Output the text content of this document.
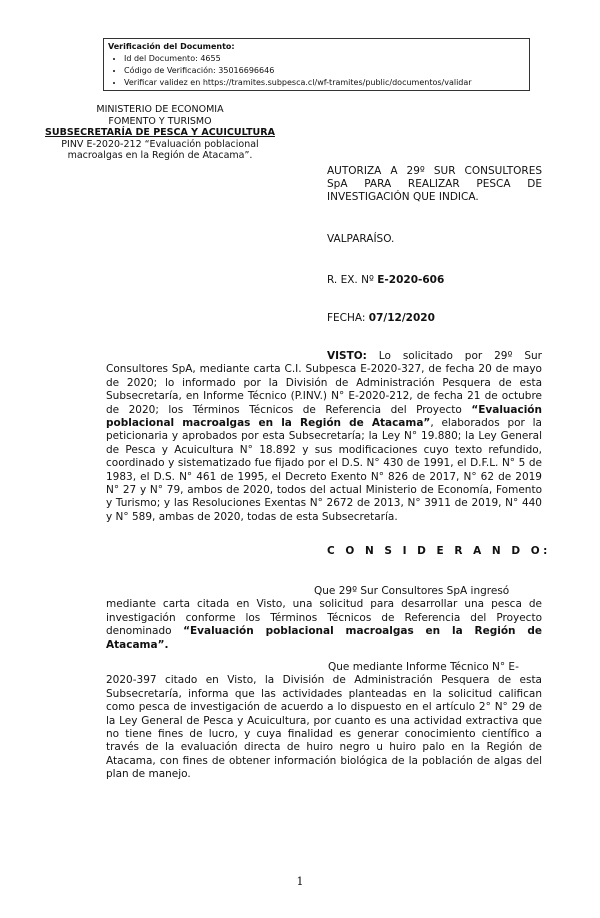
Verificación del Documento:
• Id del Documento: 4655
• Código de Verificación: 35016696646
• Verificar validez en https://tramites.subpesca.cl/wf-tramites/public/documentos/validar
MINISTERIO DE ECONOMIA
FOMENTO Y TURISMO
SUBSECRETARÍA DE PESCA Y ACUICULTURA
PINV E-2020-212 “Evaluación poblacional
macroalgas en la Región de Atacama”.
AUTORIZA A 29º SUR CONSULTORES SpA PARA REALIZAR PESCA DE INVESTIGACIÓN QUE INDICA.
VALPARAÍSO.
R. EX. Nº E-2020-606
FECHA: 07/12/2020
VISTO: Lo solicitado por 29º Sur Consultores SpA, mediante carta C.I. Subpesca E-2020-327, de fecha 20 de mayo de 2020; lo informado por la División de Administración Pesquera de esta Subsecretaría, en Informe Técnico (P.INV.) N° E-2020-212, de fecha 21 de octubre de 2020; los Términos Técnicos de Referencia del Proyecto “Evaluación poblacional macroalgas en la Región de Atacama”, elaborados por la peticionaria y aprobados por esta Subsecretaría; la Ley N° 19.880; la Ley General de Pesca y Acuicultura N° 18.892 y sus modificaciones cuyo texto refundido, coordinado y sistematizado fue fijado por el D.S. N° 430 de 1991, el D.F.L. N° 5 de 1983, el D.S. N° 461 de 1995, el Decreto Exento N° 826 de 2017, N° 62 de 2019 N° 27 y N° 79, ambos de 2020, todos del actual Ministerio de Economía, Fomento y Turismo; y las Resoluciones Exentas N° 2672 de 2013, N° 3911 de 2019, N° 440 y N° 589, ambas de 2020, todas de esta Subsecretaría.
C O N S I D E R A N D O:
Que 29º Sur Consultores SpA ingresó
mediante carta citada en Visto, una solicitud para desarrollar una pesca de investigación conforme los Términos Técnicos de Referencia del Proyecto denominado “Evaluación poblacional macroalgas en la Región de Atacama”.
Que mediante Informe Técnico N° E-
2020-397 citado en Visto, la División de Administración Pesquera de esta Subsecretaría, informa que las actividades planteadas en la solicitud califican como pesca de investigación de acuerdo a lo dispuesto en el artículo 2° N° 29 de la Ley General de Pesca y Acuicultura, por cuanto es una actividad extractiva que no tiene fines de lucro, y cuya finalidad es generar conocimiento científico a través de la evaluación directa de huiro negro u huiro palo en la Región de Atacama, con fines de obtener información biológica de la población de algas del plan de manejo.
1
